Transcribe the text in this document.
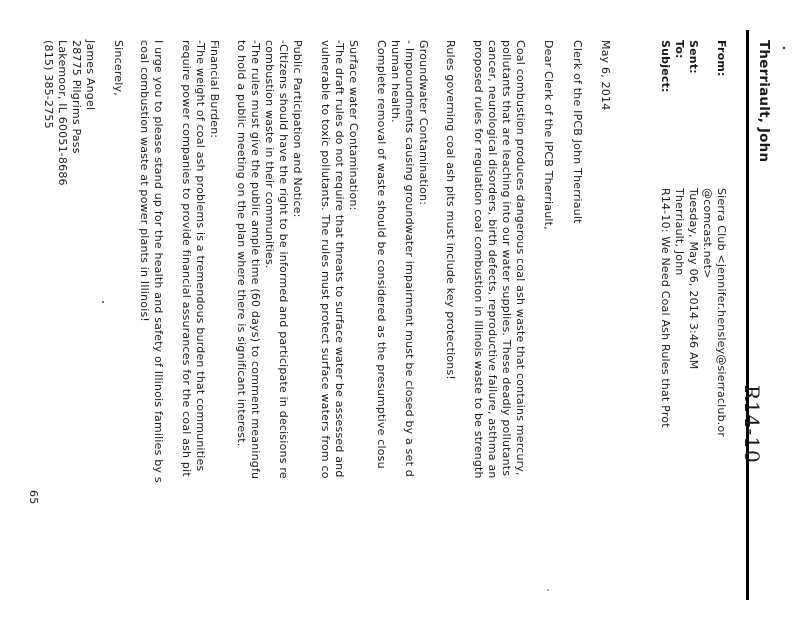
Therriault, John
R14-10
From:
Sierra Club <jennifer.hensley@sierraclub.or
@comcast.net>
Sent:
Tuesday, May 06, 2014 3:46 AM
To:
Therriault, John
Subject:
R14-10: We Need Coal Ash Rules that Prot
May 6, 2014
Clerk of the IPCB John Therriault
Dear Clerk of the IPCB Therriault,
Coal combustion produces dangerous coal ash waste that contains mercury,
pollutants that are leaching into our water supplies. These deadly pollutants
cancer, neurological disorders, birth defects, reproductive failure, asthma an
proposed rules for regulation coal combustion in Illinois waste to be strength
Rules governing coal ash pits must include key protections!
Groundwater Contamination:
- Impoundments causing groundwater impairment must be closed by a set d
human health.
Complete removal of waste should be considered as the presumptive closu
Surface water Contamination:
-The draft rules do not require that threats to surface water be assessed and
vulnerable to toxic pollutants. The rules must protect surface waters from co
Public Participation and Notice:
-Citizens should have the right to be informed and participate in decisions re
combustion waste in their communities.
-The rules must give the public ample time (60 days) to comment meaningfu
to hold a public meeting on the plan where there is significant interest.
Financial Burden:
-The weight of coal ash problems is a tremendous burden that communities
require power companies to provide financial assurances for the coal ash pit
I urge you to please stand up for the health and safety of Illinois families by s
coal combustion waste at power plants in Illinois!
Sincerely,
James Angel
28775 Pilgrims Pass
Lakemoor, IL 60051-8686
(815) 385-2755
65
